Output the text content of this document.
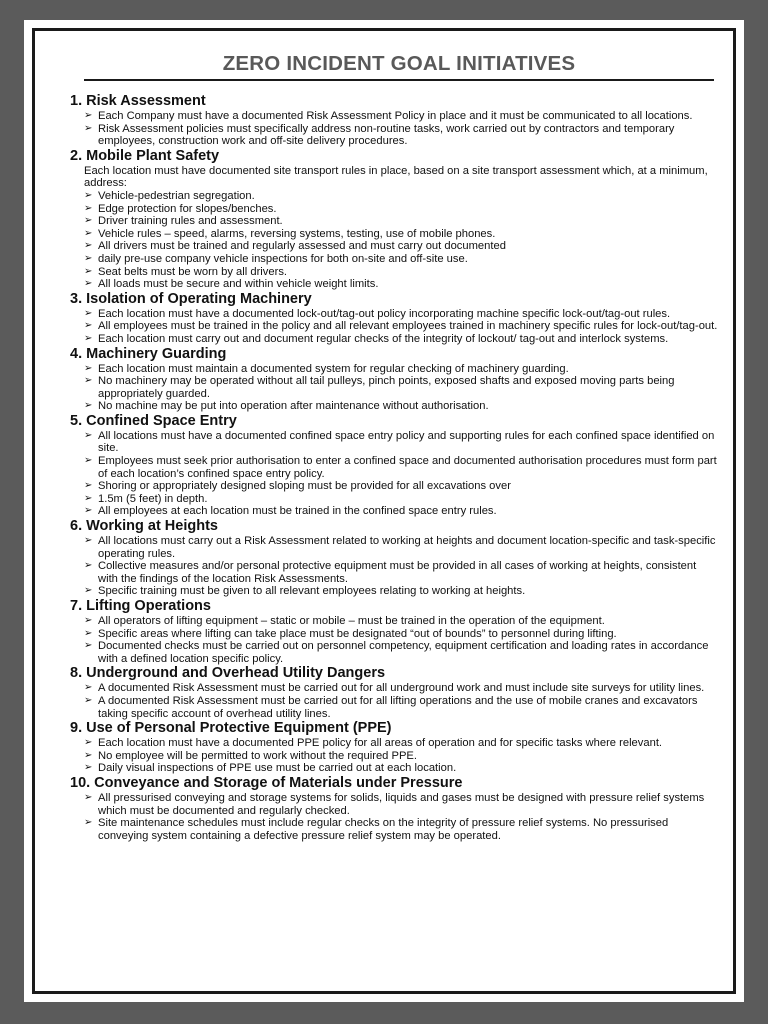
ZERO INCIDENT GOAL INITIATIVES
1. Risk Assessment
➢ Each Company must have a documented Risk Assessment Policy in place and it must be communicated to all locations.
➢ Risk Assessment policies must specifically address non-routine tasks, work carried out by contractors and temporary employees, construction work and off-site delivery procedures.
2. Mobile Plant Safety
Each location must have documented site transport rules in place, based on a site transport assessment which, at a minimum, address:
➢ Vehicle-pedestrian segregation.
➢ Edge protection for slopes/benches.
➢ Driver training rules and assessment.
➢ Vehicle rules – speed, alarms, reversing systems, testing, use of mobile phones.
➢ All drivers must be trained and regularly assessed and must carry out documented
➢ daily pre-use company vehicle inspections for both on-site and off-site use.
➢ Seat belts must be worn by all drivers.
➢ All loads must be secure and within vehicle weight limits.
3. Isolation of Operating Machinery
➢ Each location must have a documented lock-out/tag-out policy incorporating machine specific lock-out/tag-out rules.
➢ All employees must be trained in the policy and all relevant employees trained in machinery specific rules for lock-out/tag-out.
➢ Each location must carry out and document regular checks of the integrity of lockout/ tag-out and interlock systems.
4. Machinery Guarding
➢ Each location must maintain a documented system for regular checking of machinery guarding.
➢ No machinery may be operated without all tail pulleys, pinch points, exposed shafts and exposed moving parts being appropriately guarded.
➢ No machine may be put into operation after maintenance without authorisation.
5. Confined Space Entry
➢ All locations must have a documented confined space entry policy and supporting rules for each confined space identified on site.
➢ Employees must seek prior authorisation to enter a confined space and documented authorisation procedures must form part of each location’s confined space entry policy.
➢ Shoring or appropriately designed sloping must be provided for all excavations over
➢ 1.5m (5 feet) in depth.
➢ All employees at each location must be trained in the confined space entry rules.
6. Working at Heights
➢ All locations must carry out a Risk Assessment related to working at heights and document location-specific and task-specific operating rules.
➢ Collective measures and/or personal protective equipment must be provided in all cases of working at heights, consistent with the findings of the location Risk Assessments.
➢ Specific training must be given to all relevant employees relating to working at heights.
7. Lifting Operations
➢ All operators of lifting equipment – static or mobile – must be trained in the operation of the equipment.
➢ Specific areas where lifting can take place must be designated “out of bounds” to personnel during lifting.
➢ Documented checks must be carried out on personnel competency, equipment certification and loading rates in accordance with a defined location specific policy.
8. Underground and Overhead Utility Dangers
➢ A documented Risk Assessment must be carried out for all underground work and must include site surveys for utility lines.
➢ A documented Risk Assessment must be carried out for all lifting operations and the use of mobile cranes and excavators taking specific account of overhead utility lines.
9. Use of Personal Protective Equipment (PPE)
➢ Each location must have a documented PPE policy for all areas of operation and for specific tasks where relevant.
➢ No employee will be permitted to work without the required PPE.
➢ Daily visual inspections of PPE use must be carried out at each location.
10. Conveyance and Storage of Materials under Pressure
➢ All pressurised conveying and storage systems for solids, liquids and gases must be designed with pressure relief systems which must be documented and regularly checked.
➢ Site maintenance schedules must include regular checks on the integrity of pressure relief systems. No pressurised conveying system containing a defective pressure relief system may be operated.
